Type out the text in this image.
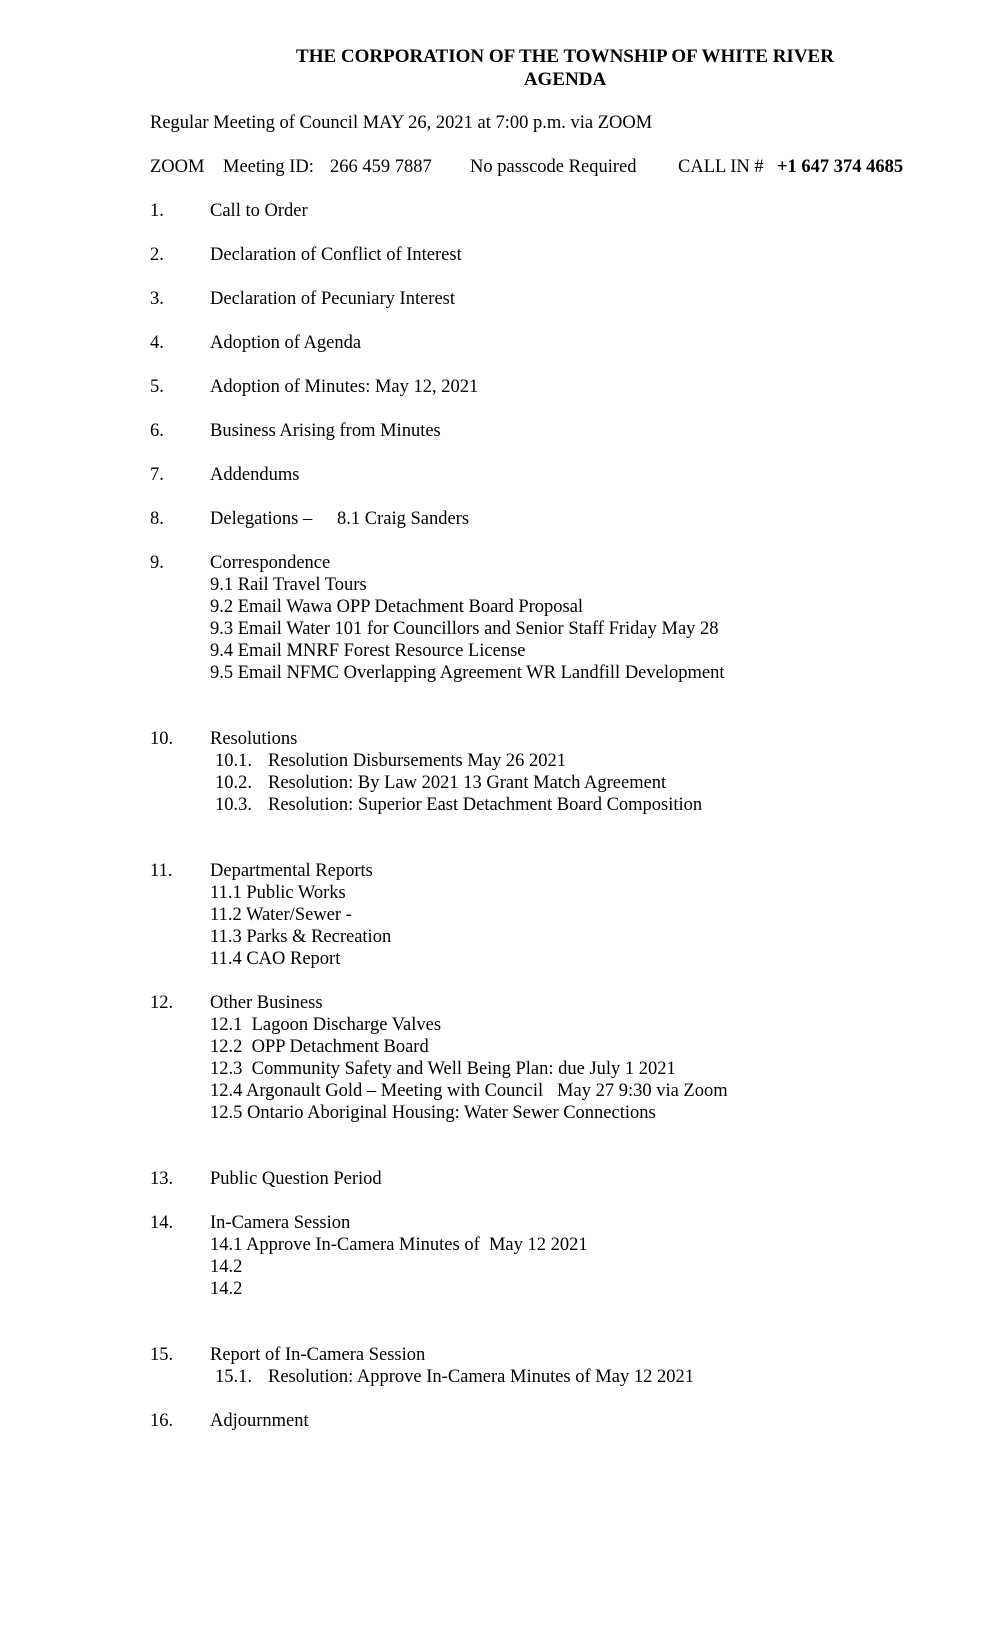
THE CORPORATION OF THE TOWNSHIP OF WHITE RIVER
AGENDA
Regular Meeting of Council MAY 26, 2021 at 7:00 p.m. via ZOOM
ZOOM Meeting ID: 266 459 7887 No passcode Required CALL IN # +1 647 374 4685
1. Call to Order
2. Declaration of Conflict of Interest
3. Declaration of Pecuniary Interest
4. Adoption of Agenda
5. Adoption of Minutes: May 12, 2021
6. Business Arising from Minutes
7. Addendums
8. Delegations – 8.1 Craig Sanders
9. Correspondence
9.1 Rail Travel Tours
9.2 Email Wawa OPP Detachment Board Proposal
9.3 Email Water 101 for Councillors and Senior Staff Friday May 28
9.4 Email MNRF Forest Resource License
9.5 Email NFMC Overlapping Agreement WR Landfill Development
10. Resolutions
10.1. Resolution Disbursements May 26 2021
10.2. Resolution: By Law 2021 13 Grant Match Agreement
10.3. Resolution: Superior East Detachment Board Composition
11. Departmental Reports
11.1 Public Works
11.2 Water/Sewer -
11.3 Parks & Recreation
11.4 CAO Report
12. Other Business
12.1  Lagoon Discharge Valves
12.2  OPP Detachment Board
12.3  Community Safety and Well Being Plan: due July 1 2021
12.4 Argonault Gold – Meeting with Council   May 27 9:30 via Zoom
12.5 Ontario Aboriginal Housing: Water Sewer Connections
13. Public Question Period
14. In-Camera Session
14.1 Approve In-Camera Minutes of  May 12 2021
14.2
14.2
15. Report of In-Camera Session
15.1. Resolution: Approve In-Camera Minutes of May 12 2021
16. Adjournment
